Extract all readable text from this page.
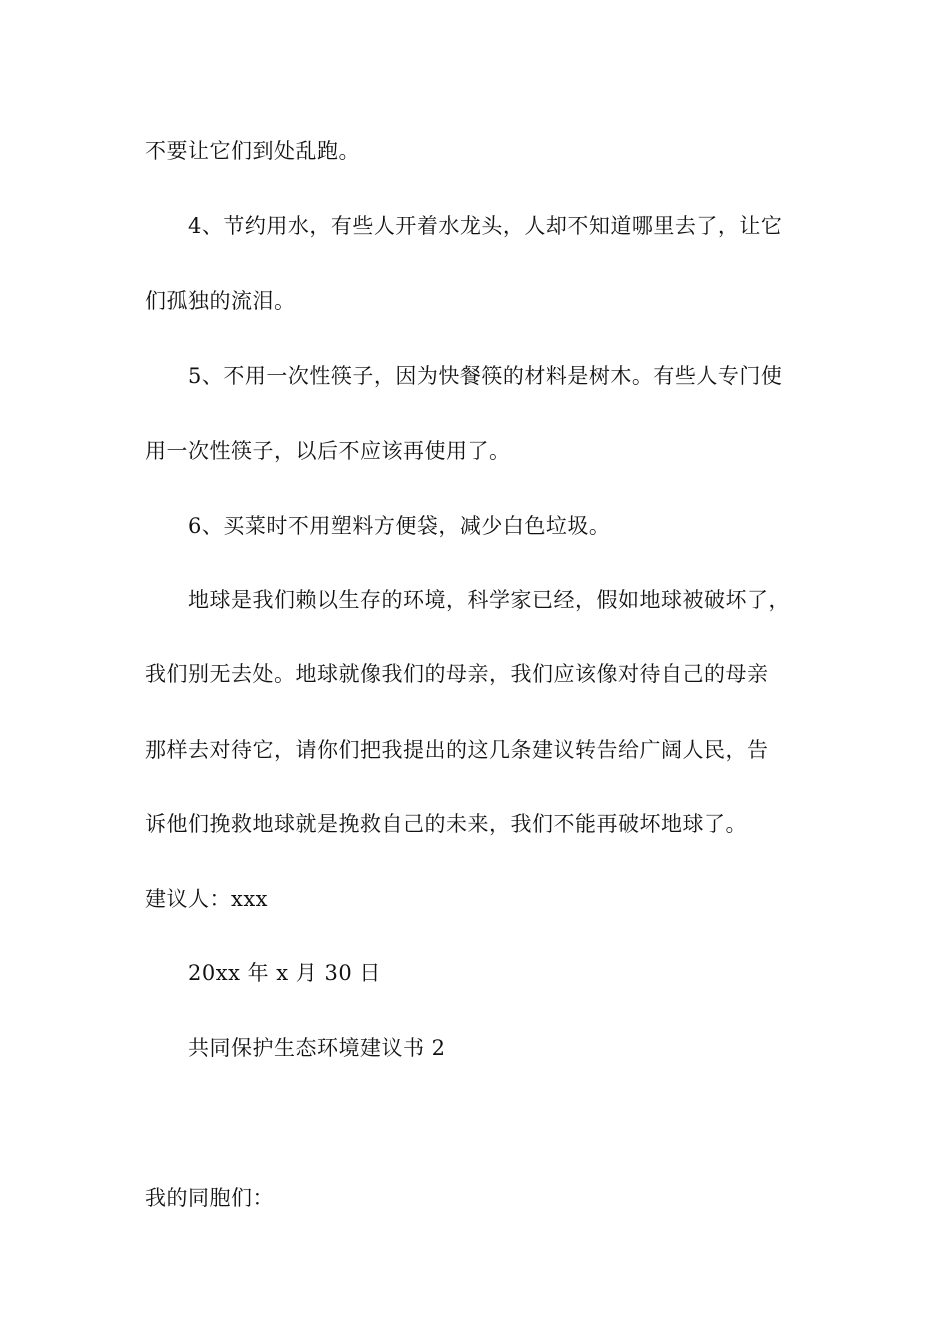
不要让它们到处乱跑。
4、节约用水，有些人开着水龙头，人却不知道哪里去了，让它
们孤独的流泪。
5、不用一次性筷子，因为快餐筷的材料是树木。有些人专门使
用一次性筷子，以后不应该再使用了。
6、买菜时不用塑料方便袋，减少白色垃圾。
地球是我们赖以生存的环境，科学家已经，假如地球被破坏了，
我们别无去处。地球就像我们的母亲，我们应该像对待自己的母亲
那样去对待它，请你们把我提出的这几条建议转告给广阔人民，告
诉他们挽救地球就是挽救自己的未来，我们不能再破坏地球了。
建议人：xxx
20xx 年 x 月 30 日
共同保护生态环境建议书 2
我的同胞们：
